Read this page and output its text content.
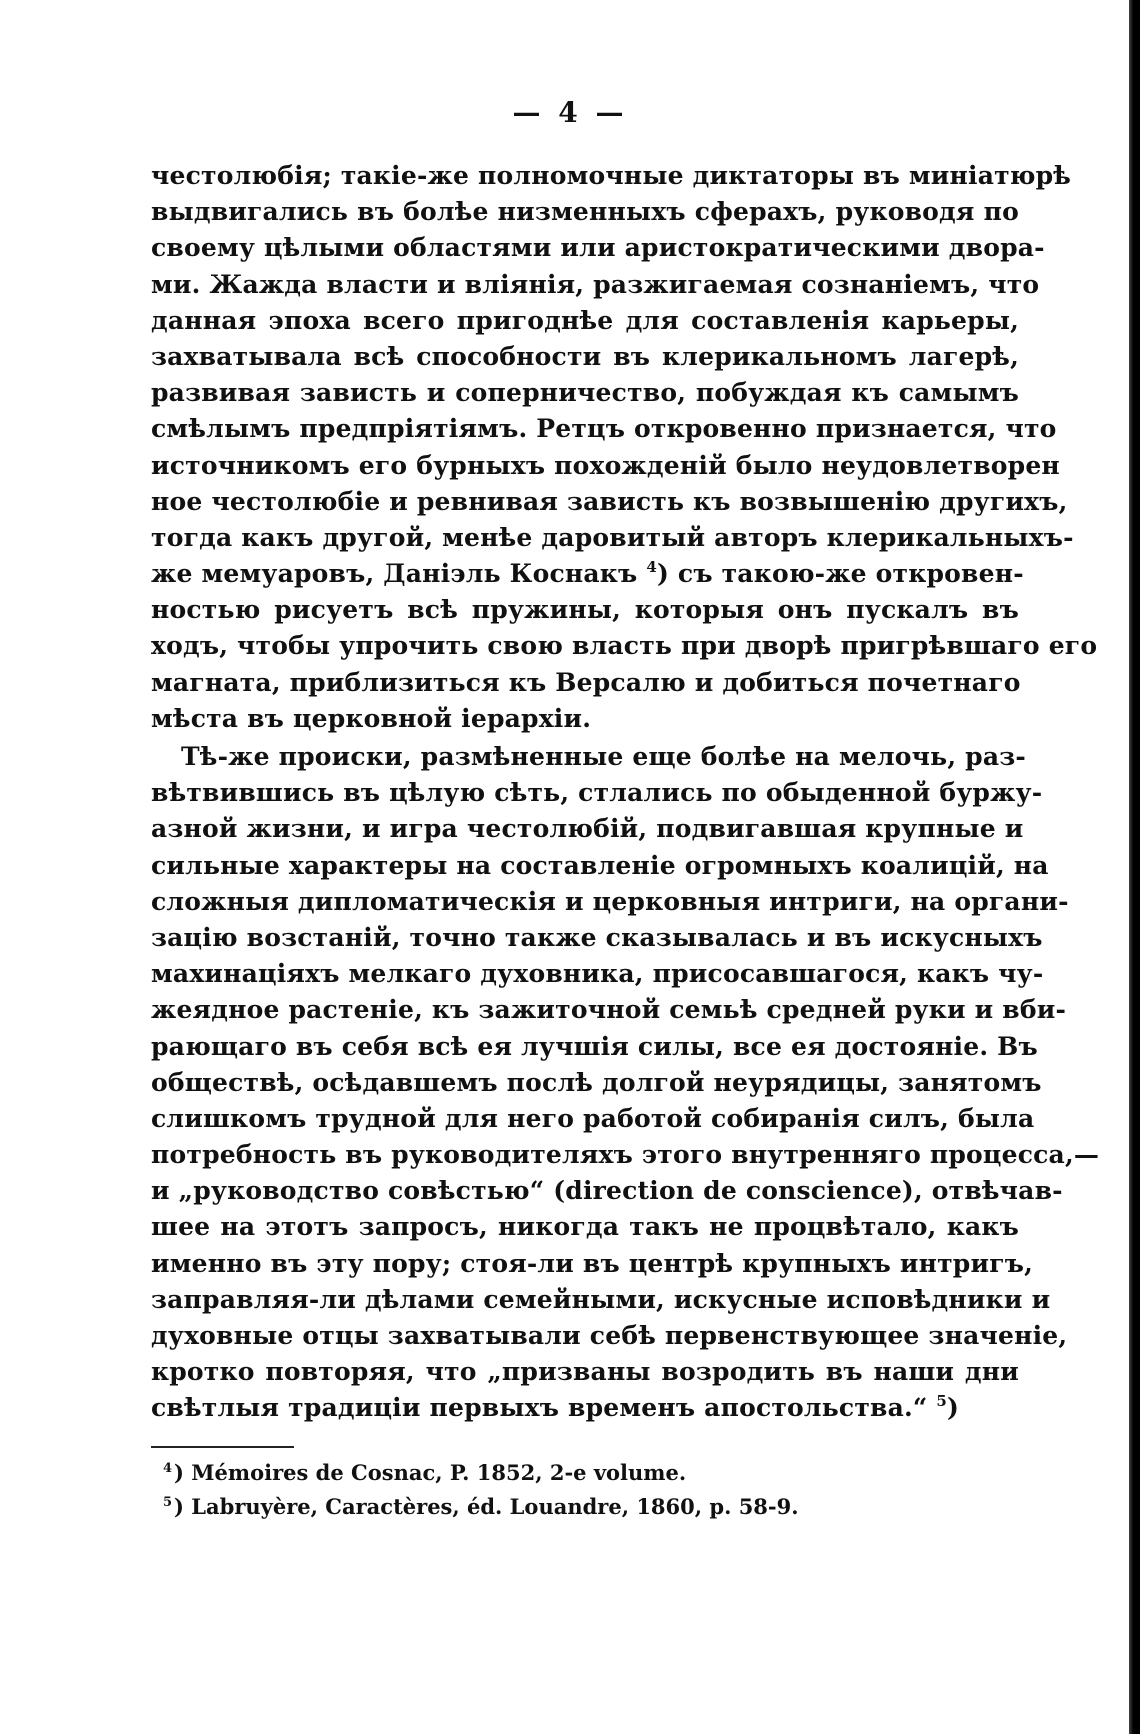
— 4 —
честолюбія; такіе-же полномочные диктаторы въ миніатюрѣ
выдвигались въ болѣе низменныхъ сферахъ, руководя по
своему цѣлыми областями или аристократическими двора-
ми. Жажда власти и вліянія, разжигаемая сознаніемъ, что
данная эпоха всего пригоднѣе для составленія карьеры,
захватывала всѣ способности въ клерикальномъ лагерѣ,
развивая зависть и соперничество, побуждая къ самымъ
смѣлымъ предпріятіямъ. Ретцъ откровенно признается, что
источникомъ его бурныхъ похожденій было неудовлетворен
ное честолюбіе и ревнивая зависть къ возвышенію другихъ,
тогда какъ другой, менѣе даровитый авторъ клерикальныхъ-
же мемуаровъ, Даніэль Коснакъ $^4$) съ такою-же откровен-
ностью рисуетъ всѣ пружины, которыя онъ пускалъ въ
ходъ, чтобы упрочить свою власть при дворѣ пригрѣвшаго его
магната, приблизиться къ Версалю и добиться почетнаго
мѣста въ церковной іерархіи.
Тѣ-же происки, размѣненные еще болѣе на мелочь, раз-
вѣтвившись въ цѣлую сѣть, стлались по обыденной буржу-
азной жизни, и игра честолюбій, подвигавшая крупные и
сильные характеры на составленіе огромныхъ коалицій, на
сложныя дипломатическія и церковныя интриги, на органи-
зацію возстаній, точно также сказывалась и въ искусныхъ
махинаціяхъ мелкаго духовника, присосавшагося, какъ чу-
жеядное растеніе, къ зажиточной семьѣ средней руки и вби-
рающаго въ себя всѣ ея лучшія силы, все ея достояніе. Въ
обществѣ, осѣдавшемъ послѣ долгой неурядицы, занятомъ
слишкомъ трудной для него работой собиранія силъ, была
потребность въ руководителяхъ этого внутренняго процесса,—
и „руководство совѣстью“ (direction de conscience), отвѣчав-
шее на этотъ запросъ, никогда такъ не процвѣтало, какъ
именно въ эту пору; стоя-ли въ центрѣ крупныхъ интригъ,
заправляя-ли дѣлами семейными, искусные исповѣдники и
духовные отцы захватывали себѣ первенствующее значеніе,
кротко повторяя, что „призваны возродить въ наши дни
свѣтлыя традиціи первыхъ временъ апостольства.“ $^5$)
$^4$) Mémoires de Cosnac, P. 1852, 2-e volume.
$^5$) Labruyère, Caractères, éd. Louandre, 1860, p. 58-9.
